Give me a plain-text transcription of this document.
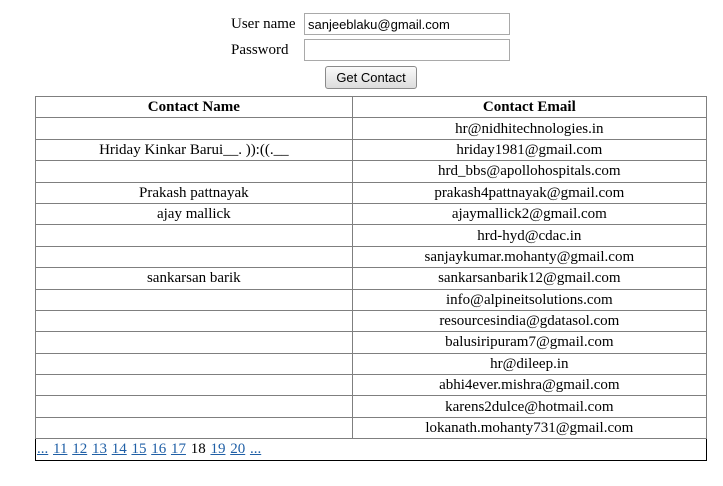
User name
sanjeeblaku@gmail.com
Password
Get Contact
Contact Name	Contact Email
	hr@nidhitechnologies.in
Hriday Kinkar Barui__. )):((.__	hriday1981@gmail.com
	hrd_bbs@apollohospitals.com
Prakash pattnayak	prakash4pattnayak@gmail.com
ajay mallick	ajaymallick2@gmail.com
	hrd-hyd@cdac.in
	sanjaykumar.mohanty@gmail.com
sankarsan barik	sankarsanbarik12@gmail.com
	info@alpineitsolutions.com
	resourcesindia@gdatasol.com
	balusiripuram7@gmail.com
	hr@dileep.in
	abhi4ever.mishra@gmail.com
	karens2dulce@hotmail.com
	lokanath.mohanty731@gmail.com
... 11 12 13 14 15 16 17 18 19 20 ...	
